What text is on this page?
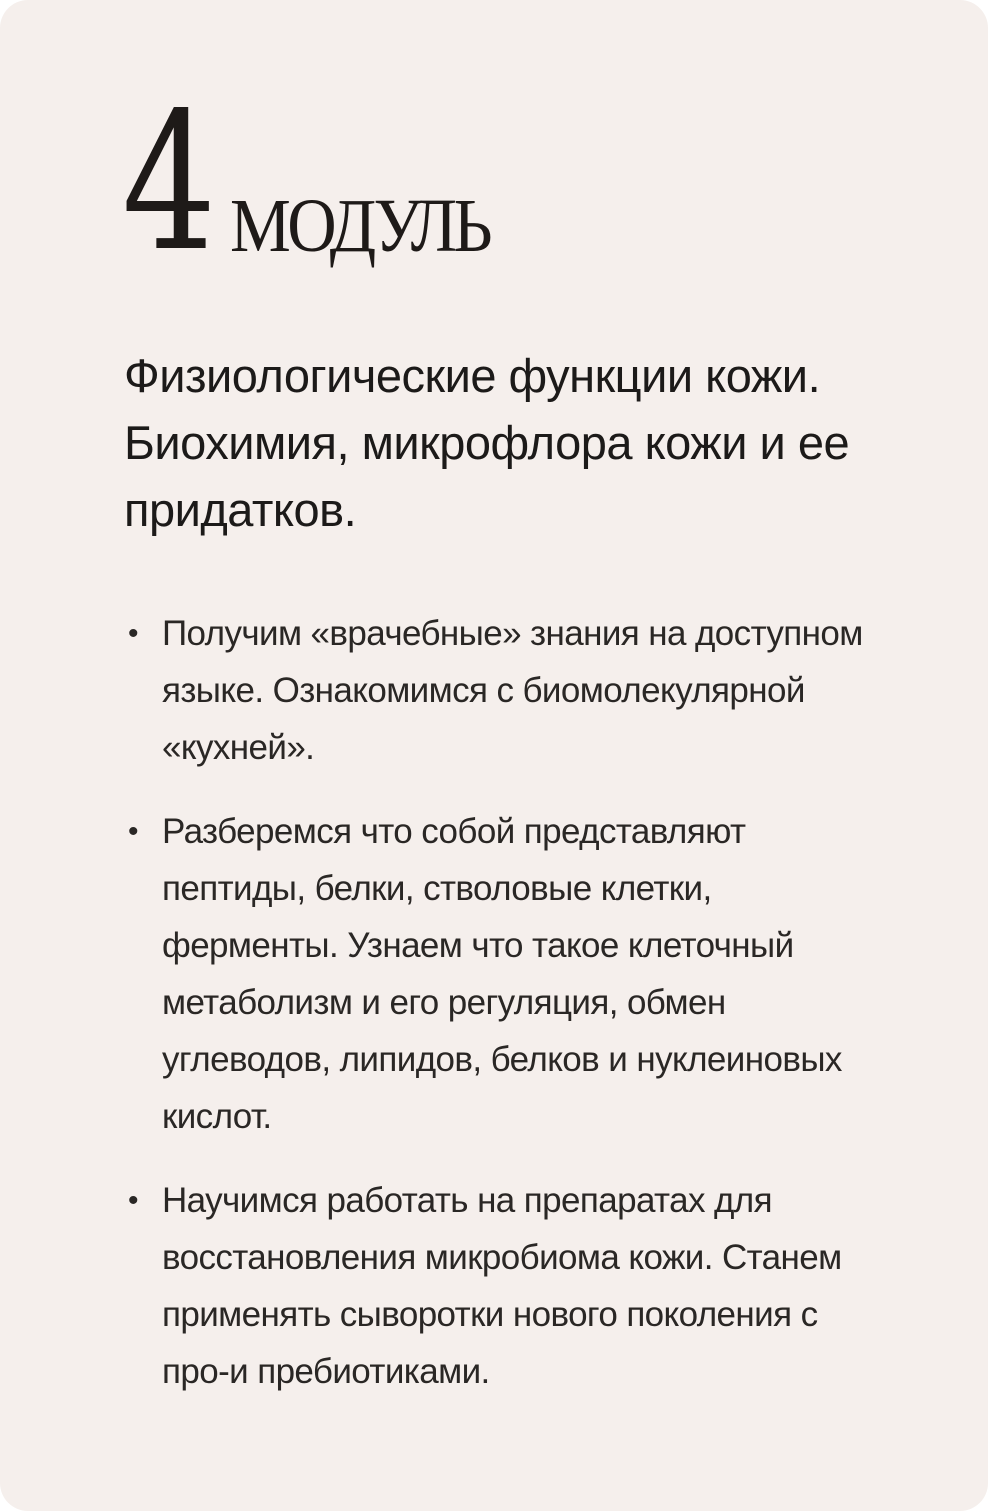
4 МОДУЛЬ
Физиологические функции кожи. Биохимия, микрофлора кожи и ее придатков.
• Получим «врачебные» знания на доступном языке. Ознакомимся с биомолекулярной «кухней».
• Разберемся что собой представляют пептиды, белки, стволовые клетки, ферменты. Узнаем что такое клеточный метаболизм и его регуляция, обмен углеводов, липидов, белков и нуклеиновых кислот.
• Научимся работать на препаратах для восстановления микробиома кожи. Станем применять сыворотки нового поколения с про-и пребиотиками.
